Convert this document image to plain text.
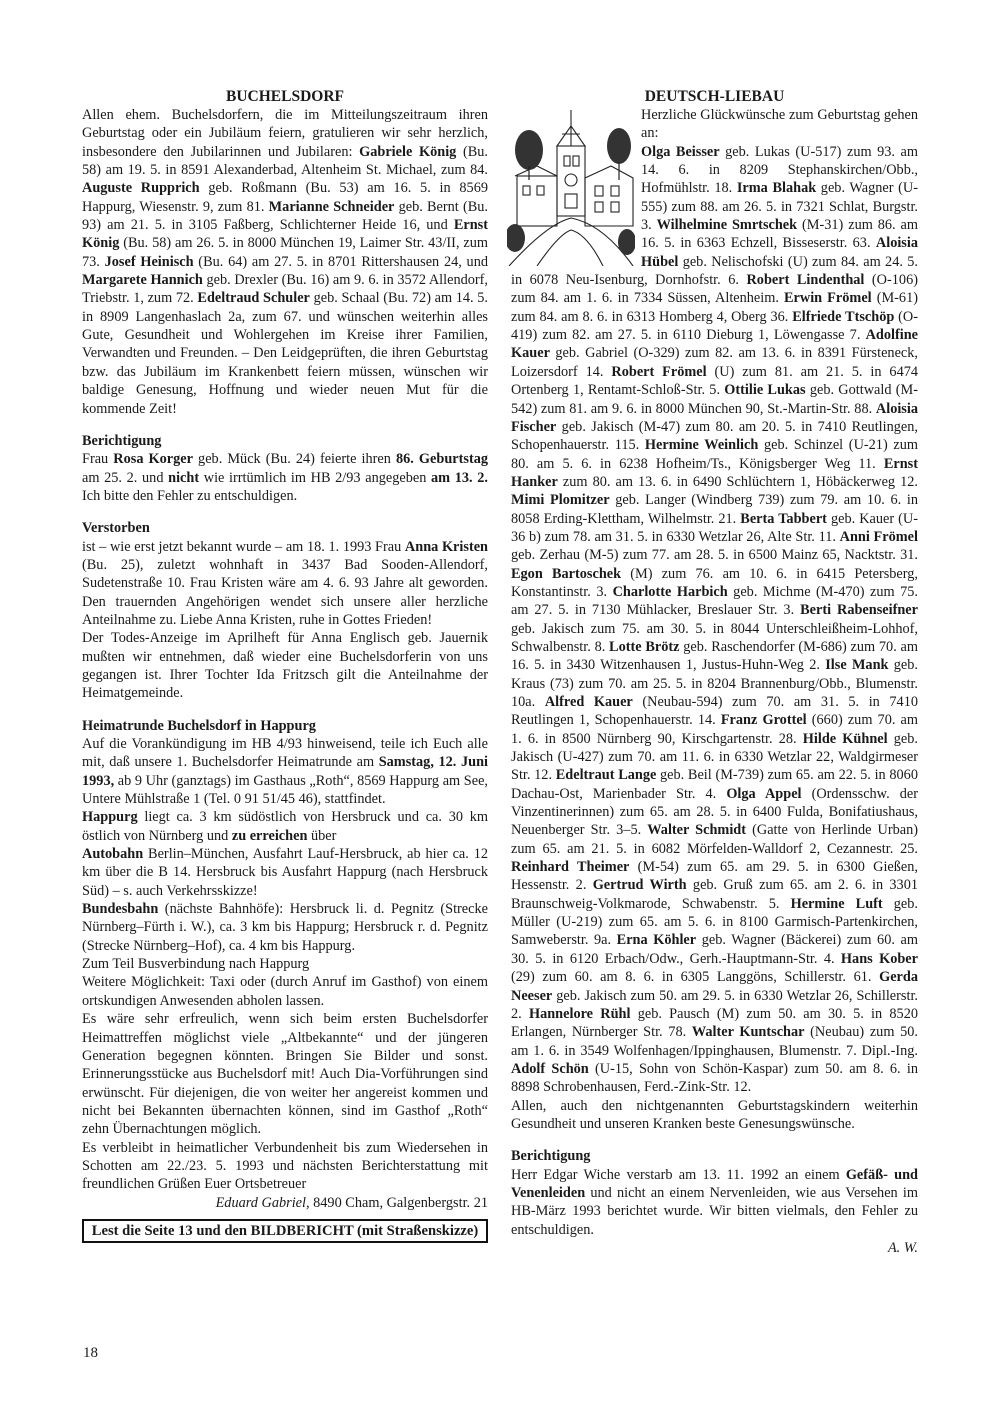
BUCHELSDORF

Allen ehem. Buchelsdorfern, die im Mitteilungszeitraum ihren Geburtstag oder ein Jubiläum feiern, gratulieren wir sehr herzlich, insbesondere den Jubilarinnen und Jubilaren: Gabriele König (Bu. 58) am 19. 5. in 8591 Alexanderbad, Altenheim St. Michael, zum 84. Auguste Rupprich geb. Roßmann (Bu. 53) am 16. 5. in 8569 Happurg, Wiesenstr. 9, zum 81. Marianne Schneider geb. Bernt (Bu. 93) am 21. 5. in 3105 Faßberg, Schlichterner Heide 16, und Ernst König (Bu. 58) am 26. 5. in 8000 München 19, Laimer Str. 43/II, zum 73. Josef Heinisch (Bu. 64) am 27. 5. in 8701 Rittershausen 24, und Margarete Hannich geb. Drexler (Bu. 16) am 9. 6. in 3572 Allendorf, Triebstr. 1, zum 72. Edeltraud Schuler geb. Schaal (Bu. 72) am 14. 5. in 8909 Langenhaslach 2a, zum 67. und wünschen weiterhin alles Gute, Gesundheit und Wohlergehen im Kreise ihrer Familien, Verwandten und Freunden. – Den Leidgeprüften, die ihren Geburtstag bzw. das Jubiläum im Krankenbett feiern müssen, wünschen wir baldige Genesung, Hoffnung und wieder neuen Mut für die kommende Zeit!

Berichtigung

Frau Rosa Korger geb. Mück (Bu. 24) feierte ihren 86. Geburtstag am 25. 2. und nicht wie irrtümlich im HB 2/93 angegeben am 13. 2. Ich bitte den Fehler zu entschuldigen.

Verstorben

ist – wie erst jetzt bekannt wurde – am 18. 1. 1993 Frau Anna Kristen (Bu. 25), zuletzt wohnhaft in 3437 Bad Sooden-Allendorf, Sudetenstraße 10. Frau Kristen wäre am 4. 6. 93 Jahre alt geworden. Den trauernden Angehörigen wendet sich unsere aller herzliche Anteilnahme zu. Liebe Anna Kristen, ruhe in Gottes Frieden!

Der Todes-Anzeige im Aprilheft für Anna Englisch geb. Jauernik mußten wir entnehmen, daß wieder eine Buchelsdorferin von uns gegangen ist. Ihrer Tochter Ida Fritzsch gilt die Anteilnahme der Heimatgemeinde.

Heimatrunde Buchelsdorf in Happurg

Auf die Vorankündigung im HB 4/93 hinweisend, teile ich Euch alle mit, daß unsere 1. Buchelsdorfer Heimatrunde am Samstag, 12. Juni 1993, ab 9 Uhr (ganztags) im Gasthaus „Roth“, 8569 Happurg am See, Untere Mühlstraße 1 (Tel. 0 91 51/45 46), stattfindet.

Happurg liegt ca. 3 km südöstlich von Hersbruck und ca. 30 km östlich von Nürnberg und zu erreichen über

Autobahn Berlin–München, Ausfahrt Lauf-Hersbruck, ab hier ca. 12 km über die B 14. Hersbruck bis Ausfahrt Happurg (nach Hersbruck Süd) – s. auch Verkehrsskizze!

Bundesbahn (nächste Bahnhöfe): Hersbruck li. d. Pegnitz (Strecke Nürnberg–Fürth i. W.), ca. 3 km bis Happurg; Hersbruck r. d. Pegnitz (Strecke Nürnberg–Hof), ca. 4 km bis Happurg.

Zum Teil Busverbindung nach Happurg

Weitere Möglichkeit: Taxi oder (durch Anruf im Gasthof) von einem ortskundigen Anwesenden abholen lassen.

Es wäre sehr erfreulich, wenn sich beim ersten Buchelsdorfer Heimattreffen möglichst viele „Altbekannte“ und der jüngeren Generation begegnen könnten. Bringen Sie Bilder und sonst. Erinnerungsstücke aus Buchelsdorf mit! Auch Dia-Vorführungen sind erwünscht. Für diejenigen, die von weiter her angereist kommen und nicht bei Bekannten übernachten können, sind im Gasthof „Roth“ zehn Übernachtungen möglich.

Es verbleibt in heimatlicher Verbundenheit bis zum Wiedersehen in Schotten am 22./23. 5. 1993 und nächsten Berichterstattung mit freundlichen Grüßen Euer Ortsbetreuer

Eduard Gabriel, 8490 Cham, Galgenbergstr. 21

Lest die Seite 13 und den BILDBERICHT (mit Straßenskizze)

DEUTSCH-LIEBAU

Herzliche Glückwünsche zum Geburtstag gehen an:

Olga Beisser geb. Lukas (U-517) zum 93. am 14. 6. in 8209 Stephanskirchen/Obb., Hofmühlstr. 18. Irma Blahak geb. Wagner (U-555) zum 88. am 26. 5. in 7321 Schlat, Burgstr. 3. Wilhelmine Smrtschek (M-31) zum 86. am 16. 5. in 6363 Echzell, Bisseserstr. 63. Aloisia Hübel geb. Nelischofski (U) zum 84. am 24. 5. in 6078 Neu-Isenburg, Dornhofstr. 6. Robert Lindenthal (O-106) zum 84. am 1. 6. in 7334 Süssen, Altenheim. Erwin Frömel (M-61) zum 84. am 8. 6. in 6313 Homberg 4, Oberg 36. Elfriede Ttschöp (O-419) zum 82. am 27. 5. in 6110 Dieburg 1, Löwengasse 7. Adolfine Kauer geb. Gabriel (O-329) zum 82. am 13. 6. in 8391 Fürsteneck, Loizersdorf 14. Robert Frömel (U) zum 81. am 21. 5. in 6474 Ortenberg 1, Rentamt-Schloß-Str. 5. Ottilie Lukas geb. Gottwald (M-542) zum 81. am 9. 6. in 8000 München 90, St.-Martin-Str. 88. Aloisia Fischer geb. Jakisch (M-47) zum 80. am 20. 5. in 7410 Reutlingen, Schopenhauerstr. 115. Hermine Weinlich geb. Schinzel (U-21) zum 80. am 5. 6. in 6238 Hofheim/Ts., Königsberger Weg 11. Ernst Hanker zum 80. am 13. 6. in 6490 Schlüchtern 1, Höbäckerweg 12. Mimi Plomitzer geb. Langer (Windberg 739) zum 79. am 10. 6. in 8058 Erding-Klettham, Wilhelmstr. 21. Berta Tabbert geb. Kauer (U-36 b) zum 78. am 31. 5. in 6330 Wetzlar 26, Alte Str. 11. Anni Frömel geb. Zerhau (M-5) zum 77. am 28. 5. in 6500 Mainz 65, Nacktstr. 31. Egon Bartoschek (M) zum 76. am 10. 6. in 6415 Petersberg, Konstantinstr. 3. Charlotte Harbich geb. Michme (M-470) zum 75. am 27. 5. in 7130 Mühlacker, Breslauer Str. 3. Berti Rabenseifner geb. Jakisch zum 75. am 30. 5. in 8044 Unterschleißheim-Lohhof, Schwalbenstr. 8. Lotte Brötz geb. Raschendorfer (M-686) zum 70. am 16. 5. in 3430 Witzenhausen 1, Justus-Huhn-Weg 2. Ilse Mank geb. Kraus (73) zum 70. am 25. 5. in 8204 Brannenburg/Obb., Blumenstr. 10a. Alfred Kauer (Neubau-594) zum 70. am 31. 5. in 7410 Reutlingen 1, Schopenhauerstr. 14. Franz Grottel (660) zum 70. am 1. 6. in 8500 Nürnberg 90, Kirschgartenstr. 28. Hilde Kühnel geb. Jakisch (U-427) zum 70. am 11. 6. in 6330 Wetzlar 22, Waldgirmeser Str. 12. Edeltraut Lange geb. Beil (M-739) zum 65. am 22. 5. in 8060 Dachau-Ost, Marienbader Str. 4. Olga Appel (Ordensschw. der Vinzentinerinnen) zum 65. am 28. 5. in 6400 Fulda, Bonifatiushaus, Neuenberger Str. 3–5. Walter Schmidt (Gatte von Herlinde Urban) zum 65. am 21. 5. in 6082 Mörfelden-Walldorf 2, Cezannestr. 25. Reinhard Theimer (M-54) zum 65. am 29. 5. in 6300 Gießen, Hessenstr. 2. Gertrud Wirth geb. Gruß zum 65. am 2. 6. in 3301 Braunschweig-Volkmarode, Schwabenstr. 5. Hermine Luft geb. Müller (U-219) zum 65. am 5. 6. in 8100 Garmisch-Partenkirchen, Samweberstr. 9a. Erna Köhler geb. Wagner (Bäckerei) zum 60. am 30. 5. in 6120 Erbach/Odw., Gerh.-Hauptmann-Str. 4. Hans Kober (29) zum 60. am 8. 6. in 6305 Langgöns, Schillerstr. 61. Gerda Neeser geb. Jakisch zum 50. am 29. 5. in 6330 Wetzlar 26, Schillerstr. 2. Hannelore Rühl geb. Pausch (M) zum 50. am 30. 5. in 8520 Erlangen, Nürnberger Str. 78. Walter Kuntschar (Neubau) zum 50. am 1. 6. in 3549 Wolfenhagen/Ippinghausen, Blumenstr. 7. Dipl.-Ing. Adolf Schön (U-15, Sohn von Schön-Kaspar) zum 50. am 8. 6. in 8898 Schrobenhausen, Ferd.-Zink-Str. 12.

Allen, auch den nichtgenannten Geburtstagskindern weiterhin Gesundheit und unseren Kranken beste Genesungswünsche.

Berichtigung

Herr Edgar Wiche verstarb am 13. 11. 1992 an einem Gefäß- und Venenleiden und nicht an einem Nervenleiden, wie aus Versehen im HB-März 1993 berichtet wurde. Wir bitten vielmals, den Fehler zu entschuldigen.

A. W.
18
